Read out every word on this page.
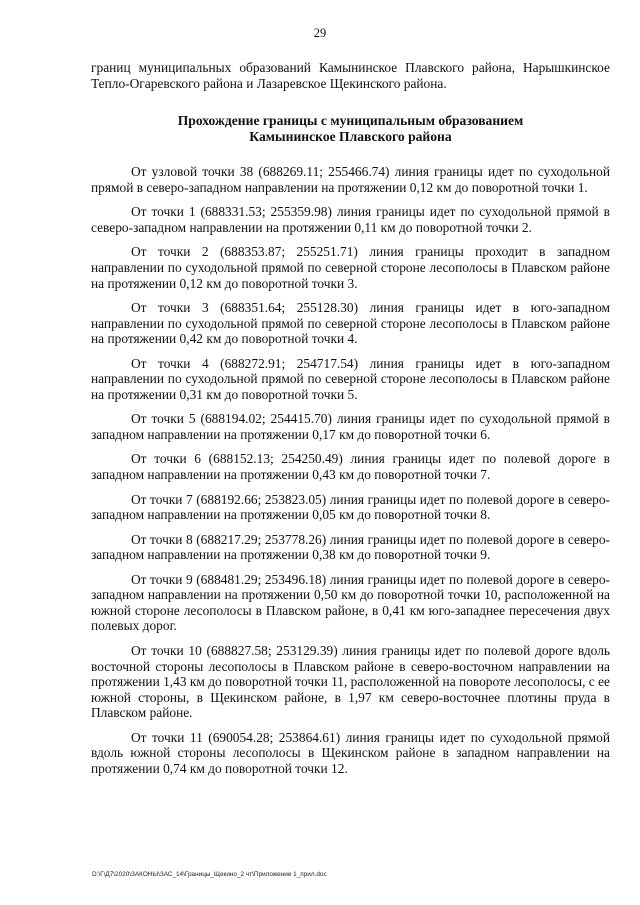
29

границ муниципальных образований Камынинское Плавского района, Нарышкинское Тепло-Огаревского района и Лазаревское Щекинского района.

Прохождение границы с муниципальным образованием
Камынинское Плавского района

От узловой точки 38 (688269.11; 255466.74) линия границы идет по суходольной прямой в северо-западном направлении на протяжении 0,12 км до поворотной точки 1.

От точки 1 (688331.53; 255359.98) линия границы идет по суходольной прямой в северо-западном направлении на протяжении 0,11 км до поворотной точки 2.

От точки 2 (688353.87; 255251.71) линия границы проходит в западном направлении по суходольной прямой по северной стороне лесополосы в Плавском районе на протяжении 0,12 км до поворотной точки 3.

От точки 3 (688351.64; 255128.30) линия границы идет в юго-западном направлении по суходольной прямой по северной стороне лесополосы в Плавском районе на протяжении 0,42 км до поворотной точки 4.

От точки 4 (688272.91; 254717.54) линия границы идет в юго-западном направлении по суходольной прямой по северной стороне лесополосы в Плавском районе на протяжении 0,31 км до поворотной точки 5.

От точки 5 (688194.02; 254415.70) линия границы идет по суходольной прямой в западном направлении на протяжении 0,17 км до поворотной точки 6.

От точки 6 (688152.13; 254250.49) линия границы идет по полевой дороге в западном направлении на протяжении 0,43 км до поворотной точки 7.

От точки 7 (688192.66; 253823.05) линия границы идет по полевой дороге в северо-западном направлении на протяжении 0,05 км до поворотной точки 8.

От точки 8 (688217.29; 253778.26) линия границы идет по полевой дороге в северо-западном направлении на протяжении 0,38 км до поворотной точки 9.

От точки 9 (688481.29; 253496.18) линия границы идет по полевой дороге в северо-западном направлении на протяжении 0,50 км до поворотной точки 10, расположенной на южной стороне лесополосы в Плавском районе, в 0,41 км юго-западнее пересечения двух полевых дорог.

От точки 10 (688827.58; 253129.39) линия границы идет по полевой дороге вдоль восточной стороны лесополосы в Плавском районе в северо-восточном направлении на протяжении 1,43 км до поворотной точки 11, расположенной на повороте лесополосы, с ее южной стороны, в Щекинском районе, в 1,97 км северо-восточнее плотины пруда в Плавском районе.

От точки 11 (690054.28; 253864.61) линия границы идет по суходольной прямой вдоль южной стороны лесополосы в Щекинском районе в западном направлении на протяжении 0,74 км до поворотной точки 12.

D:\Г\Д7\2020\ЗАКОНЫ\ЗАС_14\Границы_Щекино_2 чт\Приложение 1_прил.doc
